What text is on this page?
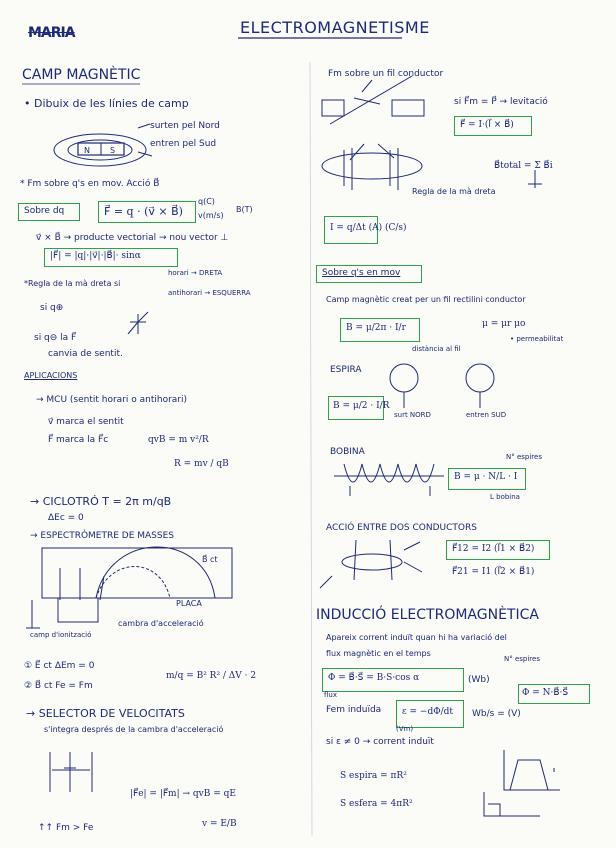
MARIA	ELECTROMAGNETISME
CAMP MAGNÈTIC
• Dibuix de les línies de camp
N	S
surten pel Nord
entren pel Sud
* Fm sobre q's en mov. Acció B⃗
Sobre dq	F⃗ = q · (v⃗ × B⃗)
q(C)
v(m/s)
B(T)
v⃗ × B⃗ → producte vectorial → nou vector ⊥
|F⃗| = |q|·|v⃗|·|B⃗|· sinα
*Regla de la mà dreta si
horari → DRETA
antihorari → ESQUERRA
si q⊕
si q⊖ la F⃗
canvia de sentit.
APLICACIONS
→ MCU (sentit horari o antihorari)
v⃗ marca el sentit
F⃗ marca la F⃗c	qvB = m v²/R
R = mv / qB
→ CICLOTRÓ T = 2π m/qB
ΔEc = 0
→ ESPECTRÒMETRE DE MASSES
B⃗ ct
PLACA
camp d'ionització
cambra d'acceleració
① E⃗ ct ΔEm = 0
② B⃗ ct Fe = Fm
m/q = B² R² / ΔV · 2
→ SELECTOR DE VELOCITATS
s'integra després de la cambra d'acceleració
|F⃗e| = |F⃗m| → qvB = qE
v = E/B
↑↑ Fm > Fe
Fm sobre un fil conductor
si F⃗m = P⃗ → levitació
F⃗ = I·(l⃗ × B⃗)
B⃗total = Σ B⃗i
Regla de la mà dreta
I = q/Δt (A) (C/s)
Sobre q's en mov
Camp magnètic creat per un fil rectilini conductor
B = μ/2π · I/r	μ = μr μo
• permeabilitat
distància al fil
ESPIRA
B = μ/2 · I/R
surt NORD	entren SUD
BOBINA
B = μ · N/L · I
N° espires
L bobina
ACCIÓ ENTRE DOS CONDUCTORS
F⃗12 = I2 (l⃗1 × B⃗2)
F⃗21 = I1 (l⃗2 × B⃗1)
INDUCCIÓ ELECTROMAGNÈTICA
Apareix corrent induït quan hi ha variació del
flux magnètic en el temps
N° espires
Φ = B⃗·S⃗ = B·S·cos α	(Wb)
flux	Φ = N·B⃗·S⃗
Fem induïda ε = −dΦ/dt Wb/s = (V)
(Vm)
si ε ≠ 0 → corrent induït
S espira = πR²
S esfera = 4πR²
